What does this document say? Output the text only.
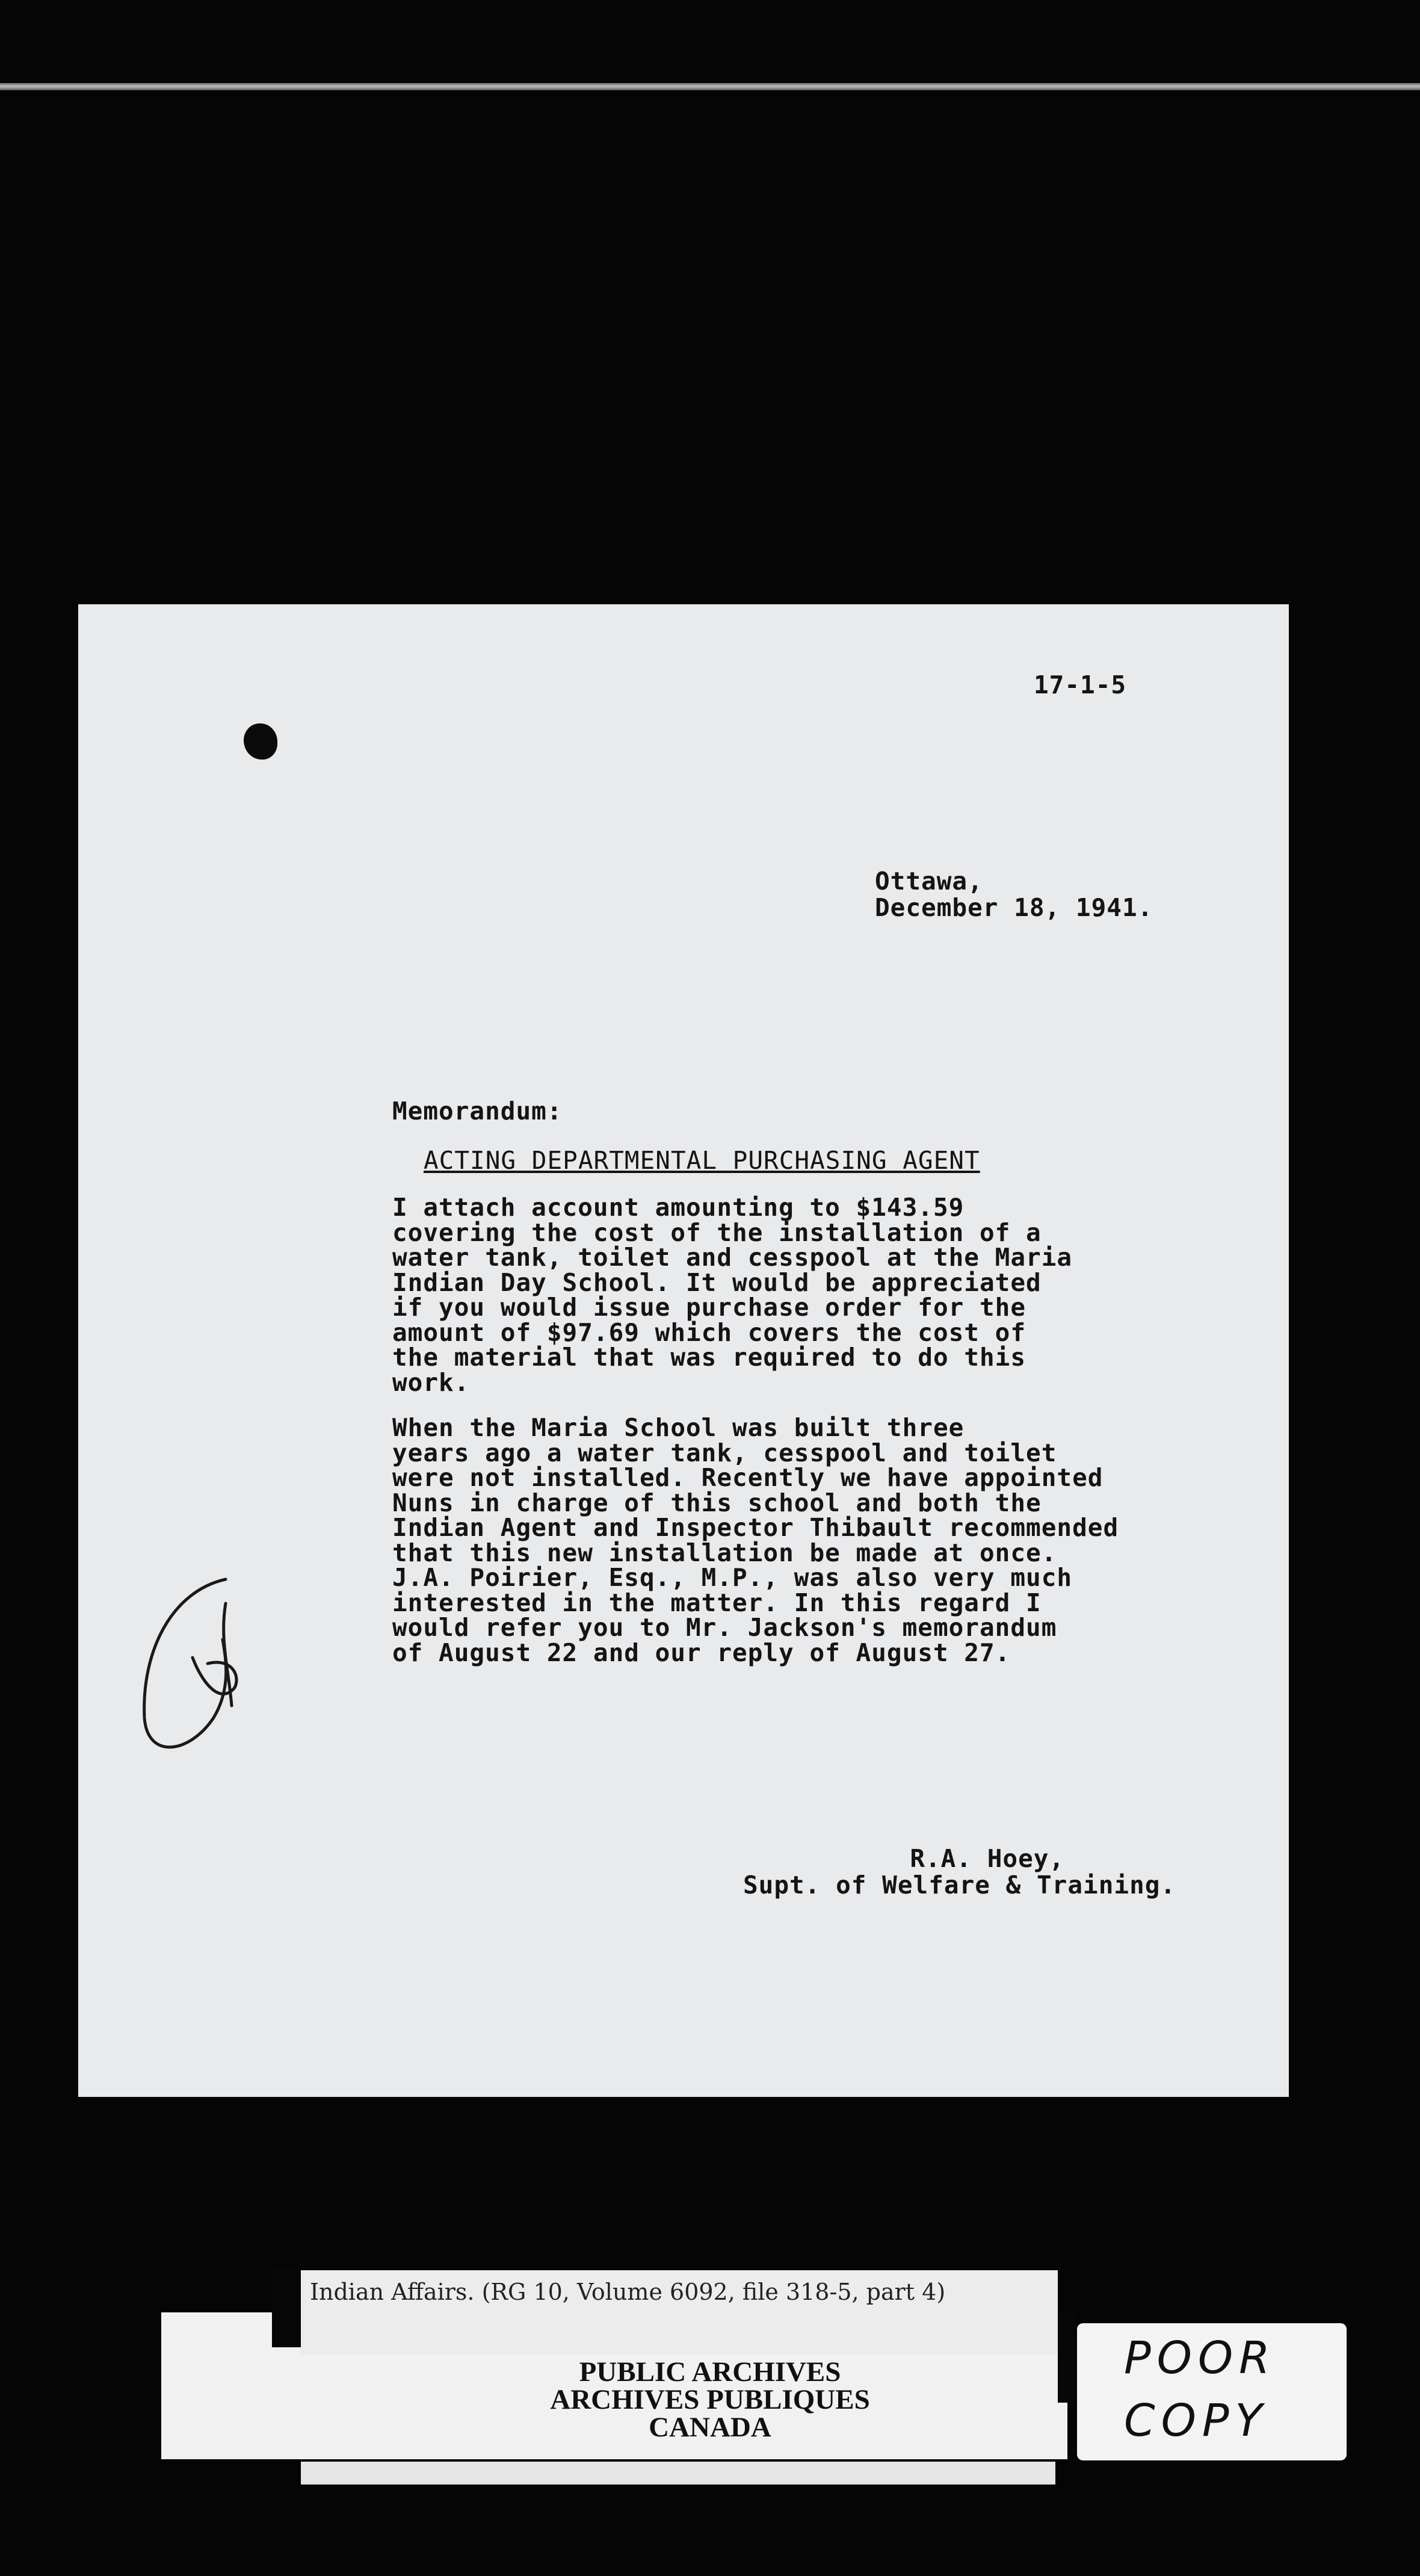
17-1-5
Ottawa,
December 18, 1941.
Memorandum:
ACTING DEPARTMENTAL PURCHASING AGENT

I attach account amounting to $143.59
covering the cost of the installation of a
water tank, toilet and cesspool at the Maria
Indian Day School. It would be appreciated
if you would issue purchase order for the
amount of $97.69 which covers the cost of
the material that was required to do this
work.

When the Maria School was built three
years ago a water tank, cesspool and toilet
were not installed. Recently we have appointed
Nuns in charge of this school and both the
Indian Agent and Inspector Thibault recommended
that this new installation be made at once.
J.A. Poirier, Esq., M.P., was also very much
interested in the matter. In this regard I
would refer you to Mr. Jackson's memorandum
of August 22 and our reply of August 27.

R.A. Hoey,
Supt. of Welfare & Training.
Indian Affairs. (RG 10, Volume 6092, file 318-5, part 4)
PUBLIC ARCHIVES
ARCHIVES PUBLIQUES
CANADA
POOR
COPY
